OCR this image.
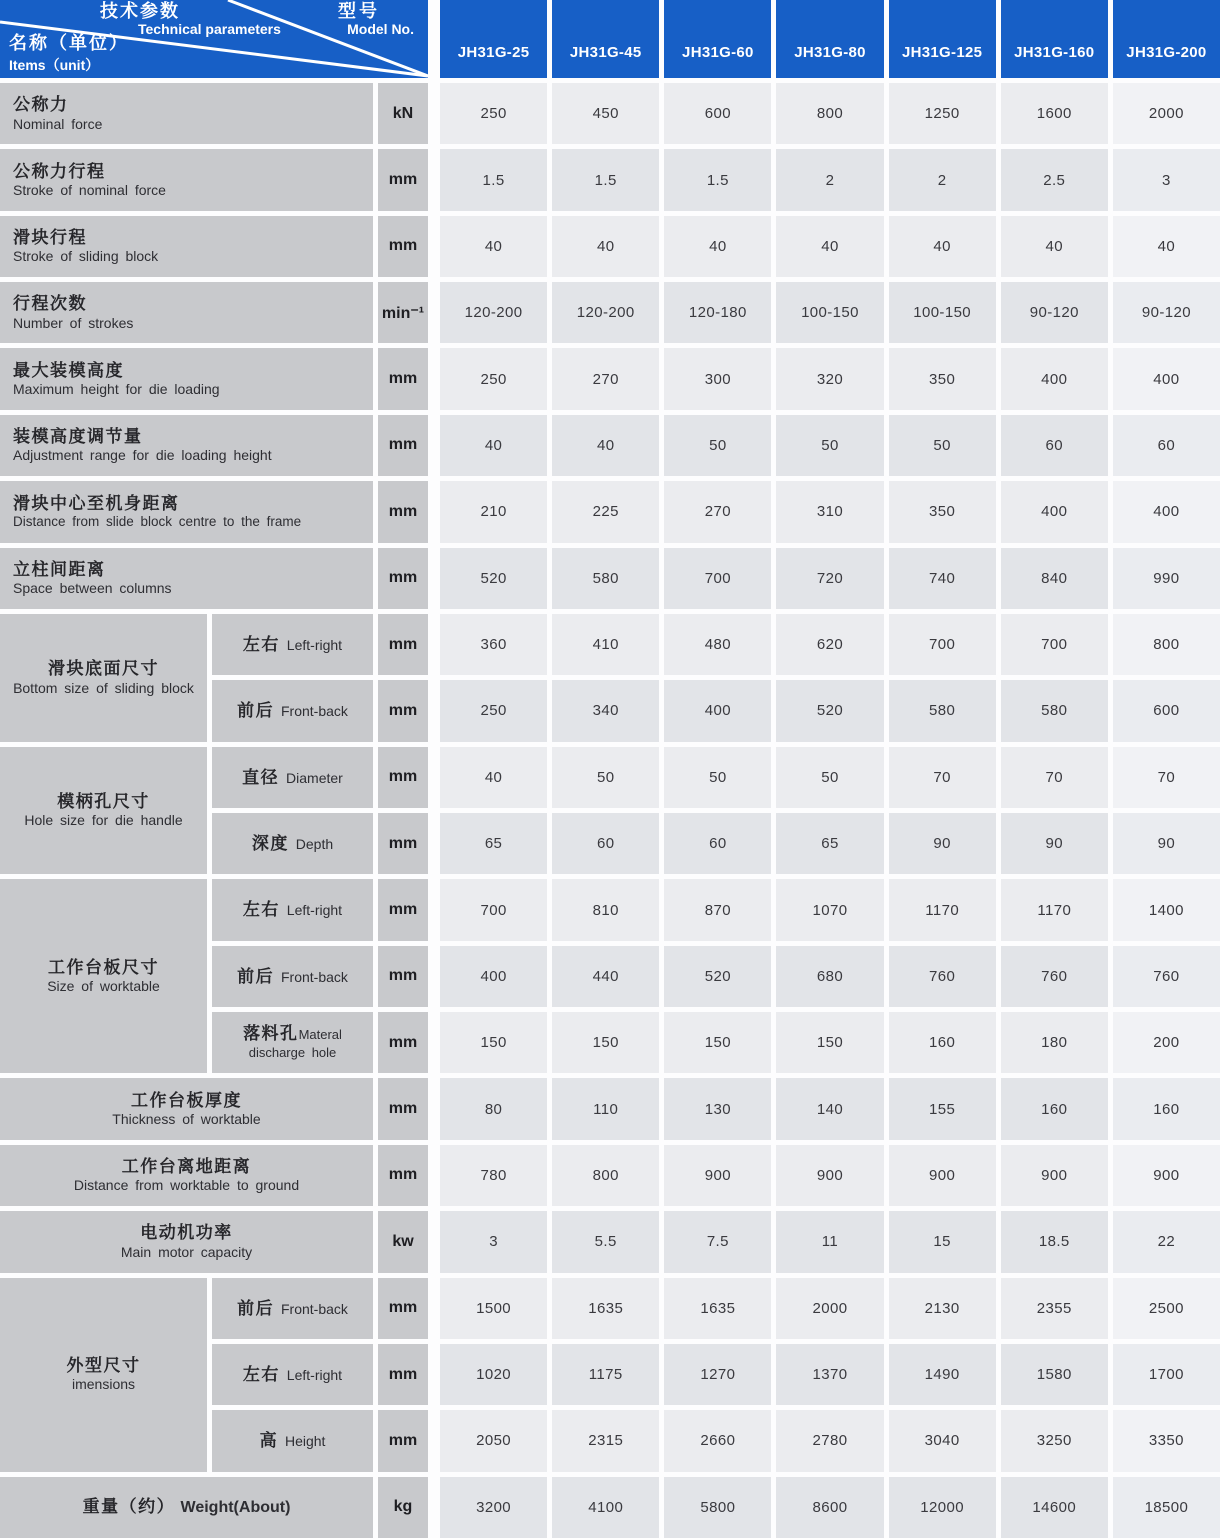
技术参数
Technical parameters
型号
Model No.
名称（单位）
Items（unit）
JH31G-25	JH31G-45	JH31G-60	JH31G-80	JH31G-125	JH31G-160	JH31G-200
公称力
Nominal force
kN	250	450	600	800	1250	1600	2000
公称力行程
Stroke of nominal force
mm	1.5	1.5	1.5	2	2	2.5	3
滑块行程
Stroke of sliding block
mm	40	40	40	40	40	40	40
行程次数
Number of strokes
min⁻¹	120-200	120-200	120-180	100-150	100-150	90-120	90-120
最大装模高度
Maximum height for die loading
mm	250	270	300	320	350	400	400
装模高度调节量
Adjustment range for die loading height
mm	40	40	50	50	50	60	60
滑块中心至机身距离
Distance from slide block centre to the frame
mm	210	225	270	310	350	400	400
立柱间距离
Space between columns
mm	520	580	700	720	740	840	990
滑块底面尺寸
Bottom size of sliding block
左右 Left-right	mm	360	410	480	620	700	700	800
前后 Front-back	mm	250	340	400	520	580	580	600
模柄孔尺寸
Hole size for die handle
直径 Diameter	mm	40	50	50	50	70	70	70
深度 Depth	mm	65	60	60	65	90	90	90
工作台板尺寸
Size of worktable
左右 Left-right	mm	700	810	870	1070	1170	1170	1400
前后 Front-back	mm	400	440	520	680	760	760	760
落料孔Materal discharge hole
mm	150	150	150	150	160	180	200
工作台板厚度
Thickness of worktable
mm	80	110	130	140	155	160	160
工作台离地距离
Distance from worktable to ground
mm	780	800	900	900	900	900	900
电动机功率
Main motor capacity
kw	3	5.5	7.5	11	15	18.5	22
外型尺寸
imensions
前后 Front-back	mm	1500	1635	1635	2000	2130	2355	2500
左右 Left-right	mm	1020	1175	1270	1370	1490	1580	1700
高 Height	mm	2050	2315	2660	2780	3040	3250	3350
重量（约） Weight(About)	kg	3200	4100	5800	8600	12000	14600	18500
